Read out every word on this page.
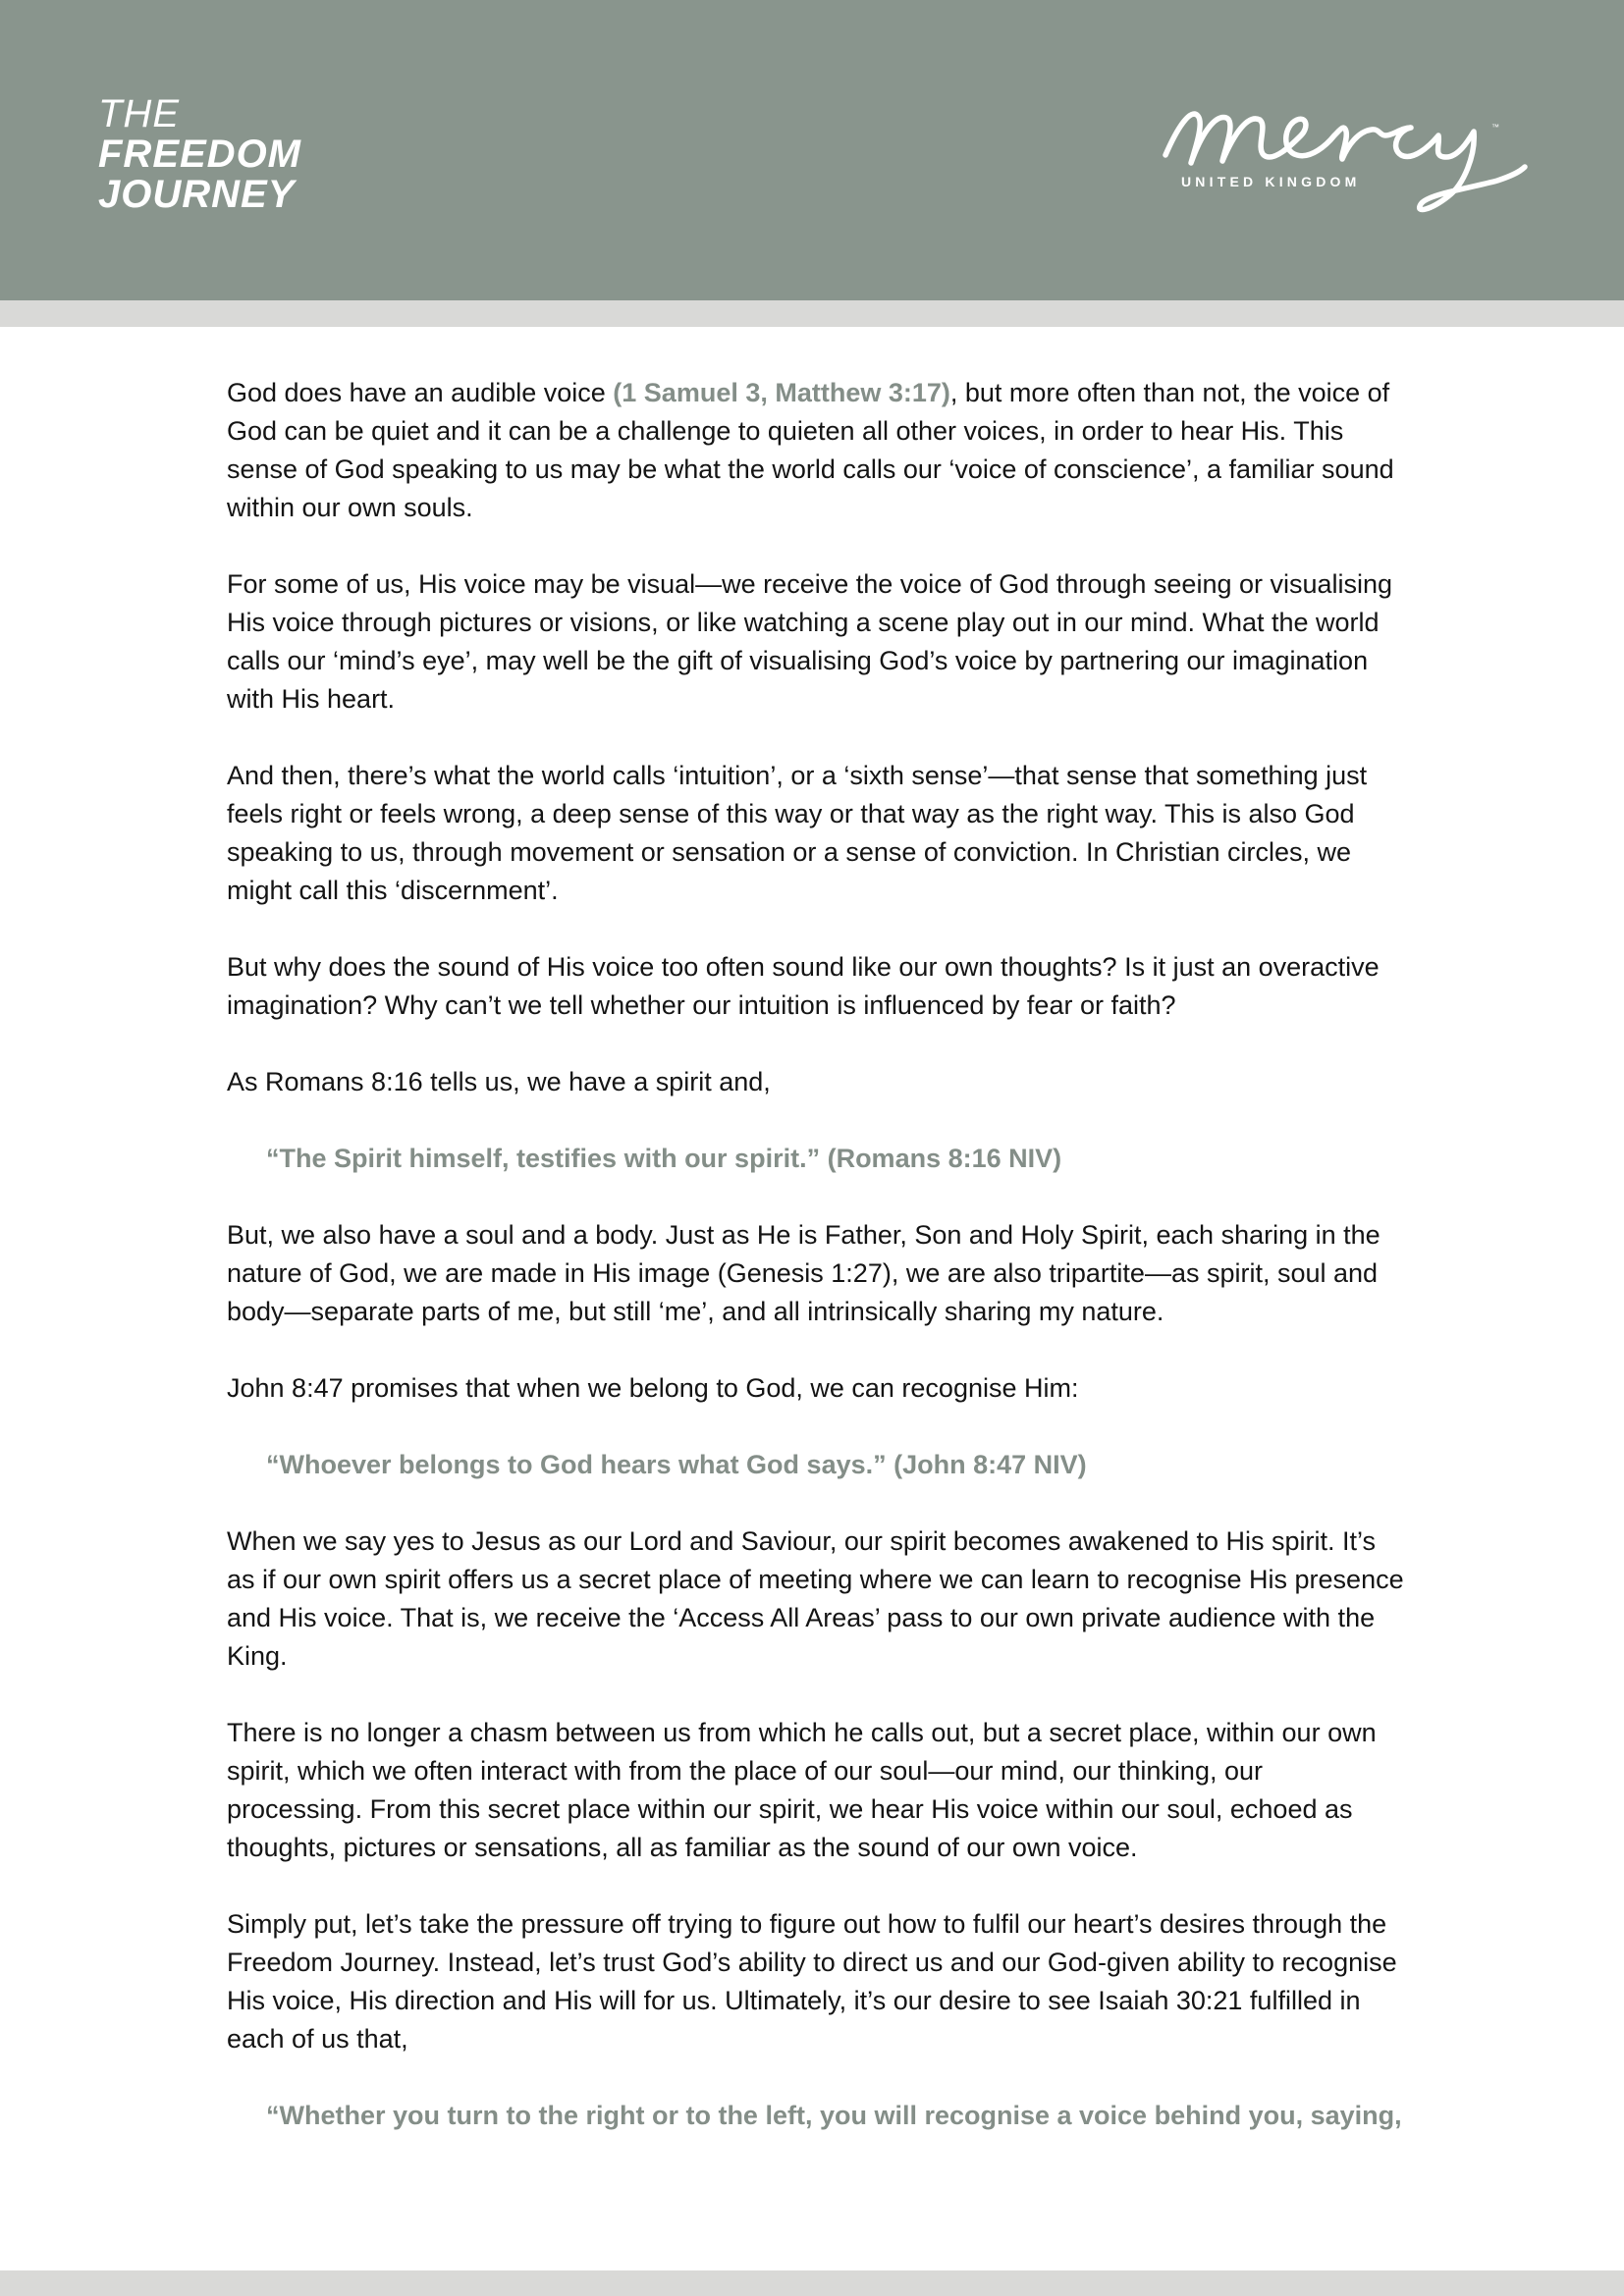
THE
FREEDOM
JOURNEY	UNITED KINGDOM
™

God does have an audible voice (1 Samuel 3, Matthew 3:17), but more often than not, the voice of God can be quiet and it can be a challenge to quieten all other voices, in order to hear His. This sense of God speaking to us may be what the world calls our ‘voice of conscience’, a familiar sound within our own souls.

For some of us, His voice may be visual—we receive the voice of God through seeing or visualising His voice through pictures or visions, or like watching a scene play out in our mind. What the world calls our ‘mind’s eye’, may well be the gift of visualising God’s voice by partnering our imagination with His heart.

And then, there’s what the world calls ‘intuition’, or a ‘sixth sense’—that sense that something just feels right or feels wrong, a deep sense of this way or that way as the right way. This is also God speaking to us, through movement or sensation or a sense of conviction. In Christian circles, we might call this ‘discernment’.

But why does the sound of His voice too often sound like our own thoughts? Is it just an overactive imagination? Why can’t we tell whether our intuition is influenced by fear or faith?

As Romans 8:16 tells us, we have a spirit and,

“The Spirit himself, testifies with our spirit.” (Romans 8:16 NIV)

But, we also have a soul and a body. Just as He is Father, Son and Holy Spirit, each sharing in the nature of God, we are made in His image (Genesis 1:27), we are also tripartite—as spirit, soul and body—separate parts of me, but still ‘me’, and all intrinsically sharing my nature.

John 8:47 promises that when we belong to God, we can recognise Him:

“Whoever belongs to God hears what God says.” (John 8:47 NIV)

When we say yes to Jesus as our Lord and Saviour, our spirit becomes awakened to His spirit. It’s as if our own spirit offers us a secret place of meeting where we can learn to recognise His presence and His voice. That is, we receive the ‘Access All Areas’ pass to our own private audience with the King.

There is no longer a chasm between us from which he calls out, but a secret place, within our own spirit, which we often interact with from the place of our soul—our mind, our thinking, our processing. From this secret place within our spirit, we hear His voice within our soul, echoed as thoughts, pictures or sensations, all as familiar as the sound of our own voice.

Simply put, let’s take the pressure off trying to figure out how to fulfil our heart’s desires through the Freedom Journey. Instead, let’s trust God’s ability to direct us and our God-given ability to recognise His voice, His direction and His will for us. Ultimately, it’s our desire to see Isaiah 30:21 fulfilled in each of us that,

“Whether you turn to the right or to the left, you will recognise a voice behind you, saying,
